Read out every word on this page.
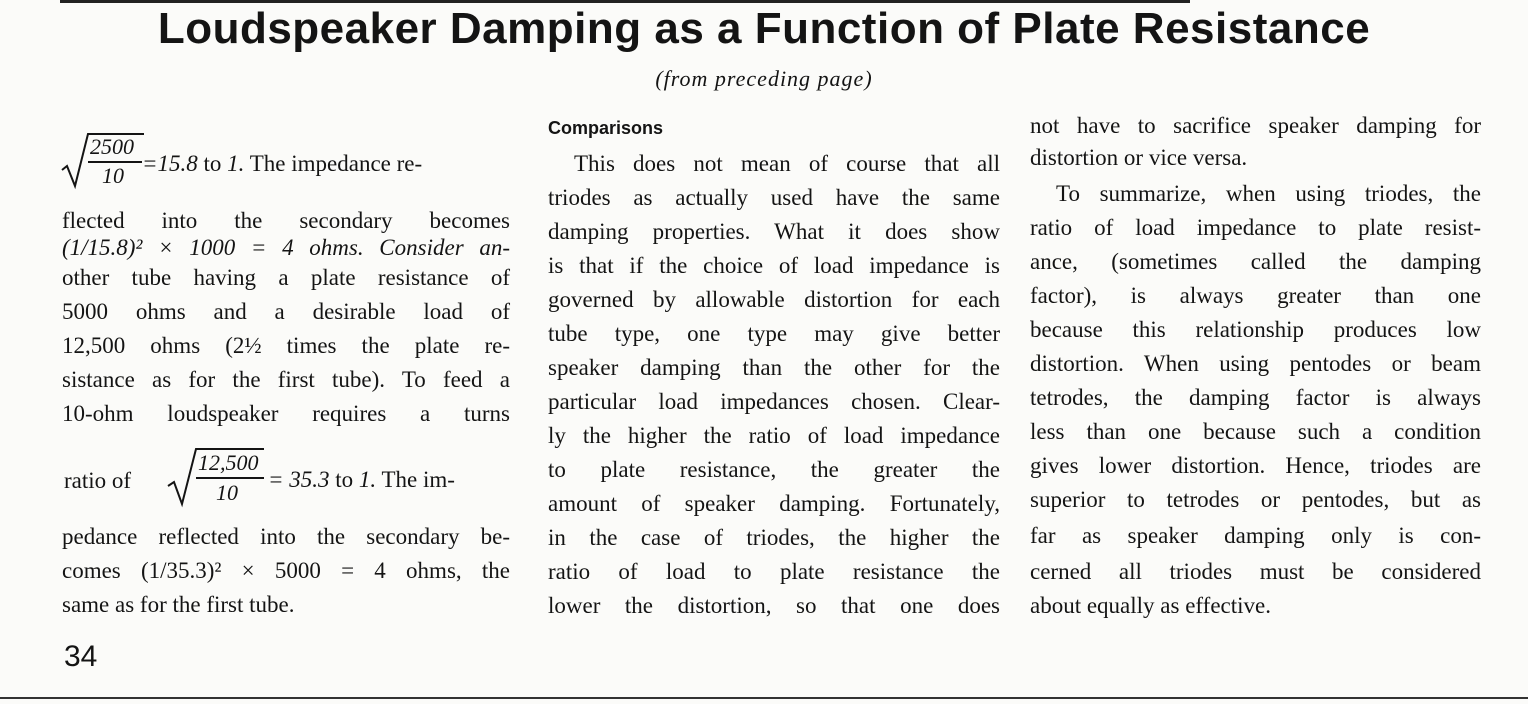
Loudspeaker Damping as a Function of Plate Resistance

(from preceding page)

2500
10 =15.8 to 1. The impedance re-
flected into the secondary becomes
(1/15.8)² × 1000 = 4 ohms. Consider an-
other tube having a plate resistance of
5000 ohms and a desirable load of
12,500 ohms (2½ times the plate re-
sistance as for the first tube). To feed a
10-ohm loudspeaker requires a turns
ratio of
12,500
10
= 35.3 to 1. The im-
pedance reflected into the secondary be-
comes (1/35.3)² × 5000 = 4 ohms, the
same as for the first tube.
Comparisons
This does not mean of course that all
triodes as actually used have the same
damping properties. What it does show
is that if the choice of load impedance is
governed by allowable distortion for each
tube type, one type may give better
speaker damping than the other for the
particular load impedances chosen. Clear-
ly the higher the ratio of load impedance
to plate resistance, the greater the
amount of speaker damping. Fortunately,
in the case of triodes, the higher the
ratio of load to plate resistance the
lower the distortion, so that one does
not have to sacrifice speaker damping for
distortion or vice versa.
To summarize, when using triodes, the
ratio of load impedance to plate resist-
ance, (sometimes called the damping
factor), is always greater than one
because this relationship produces low
distortion. When using pentodes or beam
tetrodes, the damping factor is always
less than one because such a condition
gives lower distortion. Hence, triodes are
superior to tetrodes or pentodes, but as
far as speaker damping only is con-
cerned all triodes must be considered
about equally as effective.
34
